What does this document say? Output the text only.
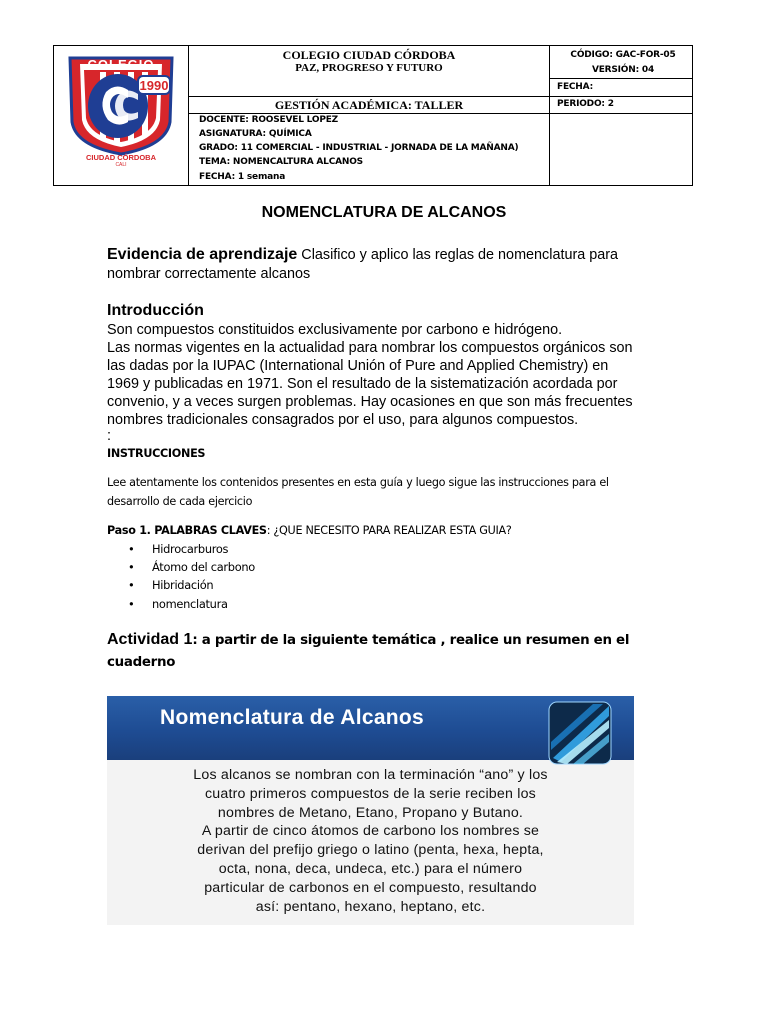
1990
COLEGIO
CIUDAD CÓRDOBA
CALI
COLEGIO CIUDAD CÓRDOBA
PAZ, PROGRESO Y FUTURO
GESTIÓN ACADÉMICA: TALLER
CÓDIGO: GAC-FOR-05
VERSIÓN: 04
FECHA:
PERIODO: 2
DOCENTE: ROOSEVEL LOPEZ
ASIGNATURA: QUÍMICA
GRADO: 11 COMERCIAL - INDUSTRIAL - JORNADA DE LA MAÑANA)
TEMA: NOMENCALTURA ALCANOS
FECHA: 1 semana
NOMENCLATURA DE ALCANOS
Evidencia de aprendizaje Clasifico y aplico las reglas de nomenclatura para
nombrar correctamente alcanos
Introducción
Son compuestos constituidos exclusivamente por carbono e hidrógeno.
Las normas vigentes en la actualidad para nombrar los compuestos orgánicos son
las dadas por la IUPAC (International Unión of Pure and Applied Chemistry) en
1969 y publicadas en 1971. Son el resultado de la sistematización acordada por
convenio, y a veces surgen problemas. Hay ocasiones en que son más frecuentes
nombres tradicionales consagrados por el uso, para algunos compuestos.
:
INSTRUCCIONES
Lee atentamente los contenidos presentes en esta guía y luego sigue las instrucciones para el
desarrollo de cada ejercicio
Paso 1. PALABRAS CLAVES: ¿QUE NECESITO PARA REALIZAR ESTA GUIA?
• Hidrocarburos
• Átomo del carbono
• Hibridación
• nomenclatura
Actividad 1: a partir de la siguiente temática , realice un resumen en el
cuaderno
Nomenclatura de Alcanos
Los alcanos se nombran con la terminación “ano” y los
cuatro primeros compuestos de la serie reciben los
nombres de Metano, Etano, Propano y Butano.
A partir de cinco átomos de carbono los nombres se
derivan del prefijo griego o latino (penta, hexa, hepta,
octa, nona, deca, undeca, etc.) para el número
particular de carbonos en el compuesto, resultando
así: pentano, hexano, heptano, etc.
